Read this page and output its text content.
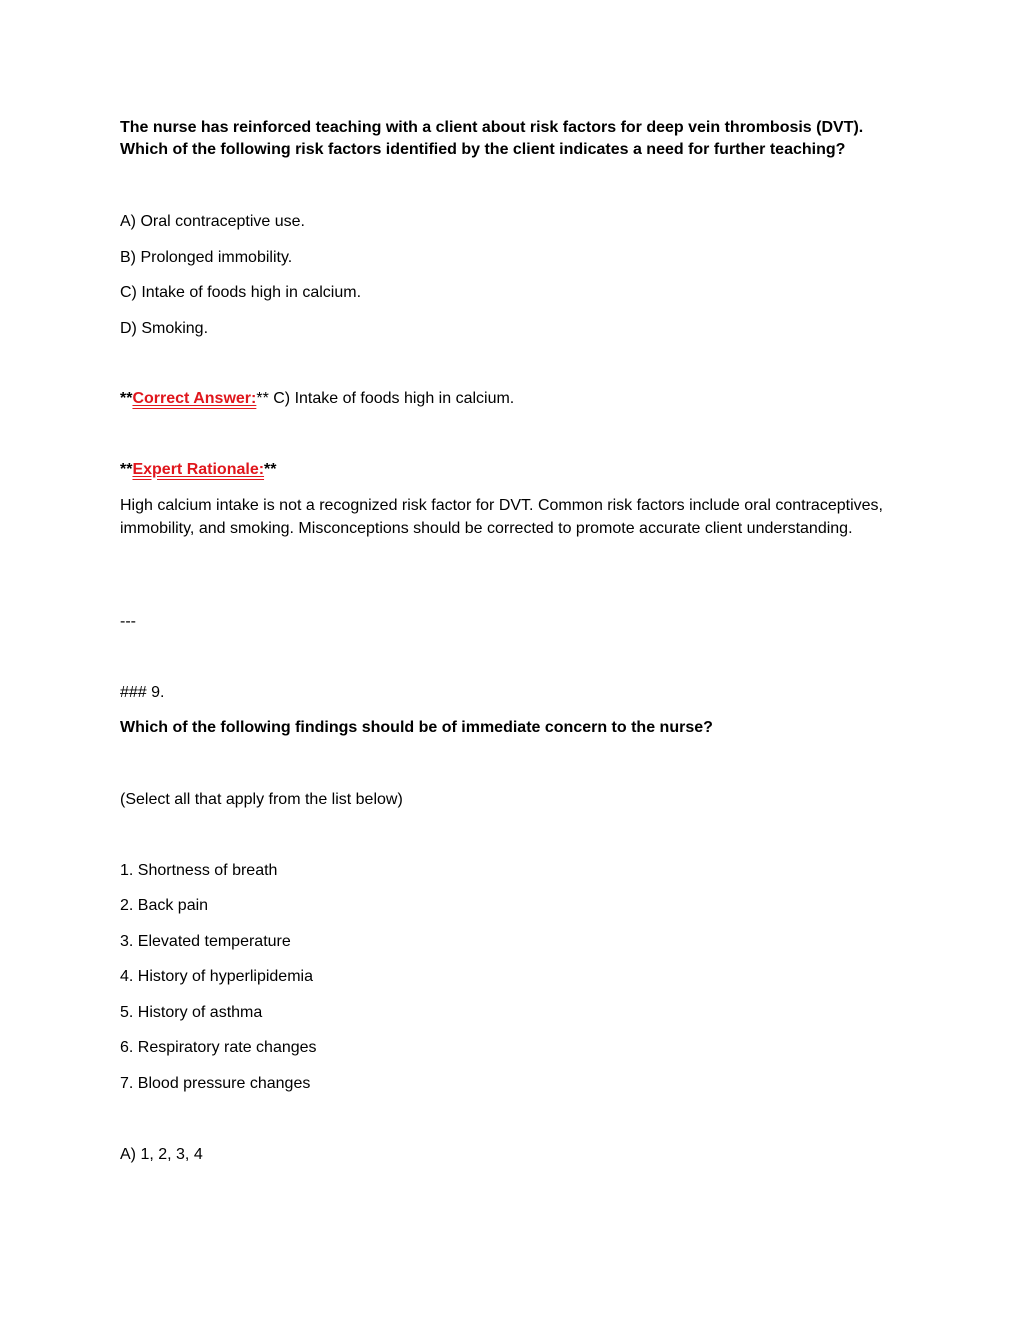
The nurse has reinforced teaching with a client about risk factors for deep vein thrombosis (DVT).
Which of the following risk factors identified by the client indicates a need for further teaching?
A) Oral contraceptive use.
B) Prolonged immobility.
C) Intake of foods high in calcium.
D) Smoking.
**Correct Answer:** C) Intake of foods high in calcium.
**Expert Rationale:**
High calcium intake is not a recognized risk factor for DVT. Common risk factors include oral contraceptives, immobility, and smoking. Misconceptions should be corrected to promote accurate client understanding.
---
### 9.
Which of the following findings should be of immediate concern to the nurse?
(Select all that apply from the list below)
1. Shortness of breath
2. Back pain
3. Elevated temperature
4. History of hyperlipidemia
5. History of asthma
6. Respiratory rate changes
7. Blood pressure changes
A) 1, 2, 3, 4
